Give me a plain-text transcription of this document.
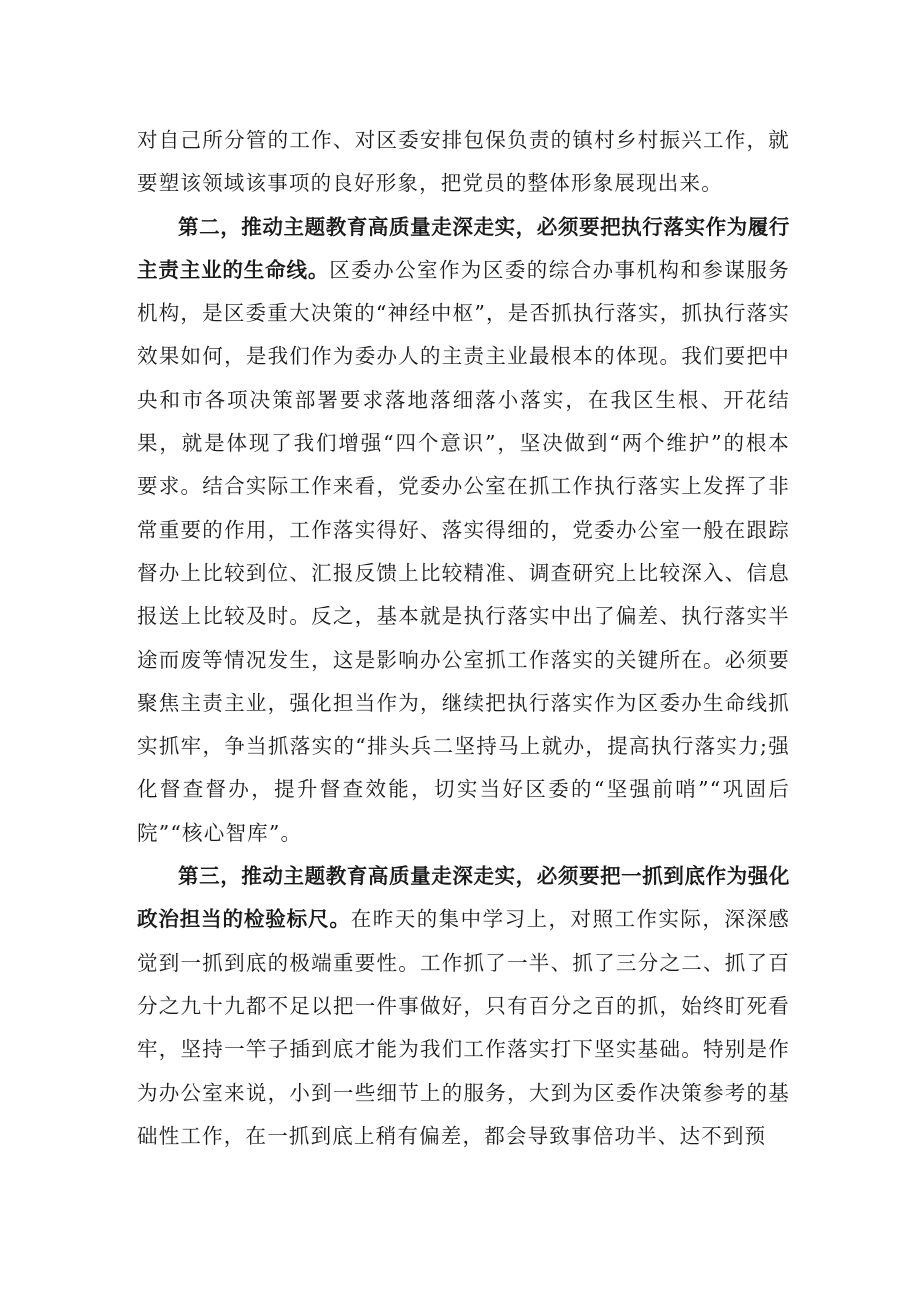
对自己所分管的工作、对区委安排包保负责的镇村乡村振兴工作，就要塑该领域该事项的良好形象，把党员的整体形象展现出来。

第二，推动主题教育高质量走深走实，必须要把执行落实作为履行主责主业的生命线。区委办公室作为区委的综合办事机构和参谋服务机构，是区委重大决策的“神经中枢”，是否抓执行落实，抓执行落实效果如何，是我们作为委办人的主责主业最根本的体现。我们要把中央和市各项决策部署要求落地落细落小落实，在我区生根、开花结果，就是体现了我们增强“四个意识”，坚决做到“两个维护”的根本要求。结合实际工作来看，党委办公室在抓工作执行落实上发挥了非常重要的作用，工作落实得好、落实得细的，党委办公室一般在跟踪督办上比较到位、汇报反馈上比较精准、调查研究上比较深入、信息报送上比较及时。反之，基本就是执行落实中出了偏差、执行落实半途而废等情况发生，这是影响办公室抓工作落实的关键所在。必须要聚焦主责主业，强化担当作为，继续把执行落实作为区委办生命线抓实抓牢，争当抓落实的“排头兵二坚持马上就办，提高执行落实力;强化督查督办，提升督查效能，切实当好区委的“坚强前哨”“巩固后院”“核心智库”。

第三，推动主题教育高质量走深走实，必须要把一抓到底作为强化政治担当的检验标尺。在昨天的集中学习上，对照工作实际，深深感觉到一抓到底的极端重要性。工作抓了一半、抓了三分之二、抓了百分之九十九都不足以把一件事做好，只有百分之百的抓，始终盯死看牢，坚持一竿子插到底才能为我们工作落实打下坚实基础。特别是作为办公室来说，小到一些细节上的服务，大到为区委作决策参考的基础性工作，在一抓到底上稍有偏差，都会导致事倍功半、达不到预
